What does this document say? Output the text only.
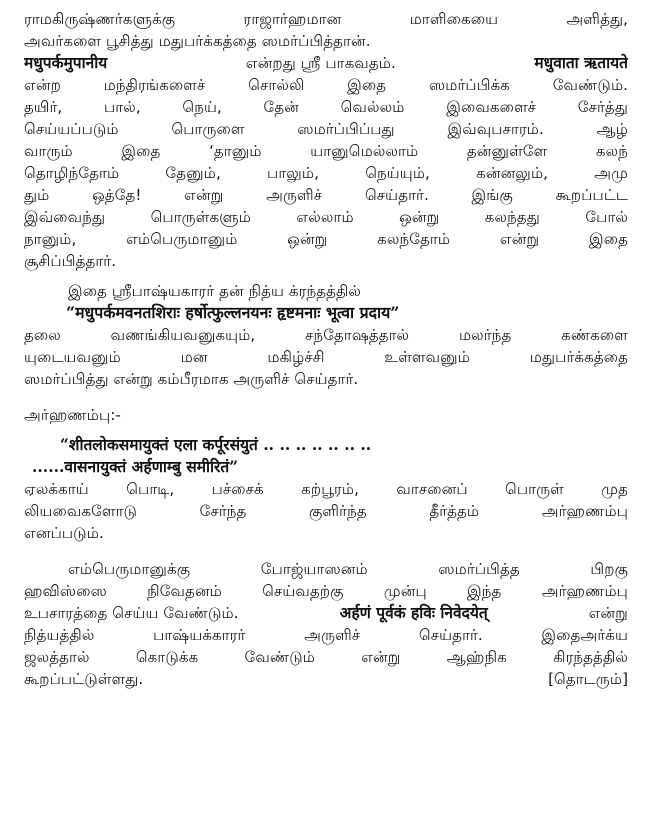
ராமகிருஷ்ணர்களுக்கு ராஜார்ஹமான மாளிகையை அளித்து,
அவர்களை பூசித்து மதுபர்க்கத்தை ஸமர்ப்பித்தான்.
मधुपर्कमुपानीय	என்றது ஸ்ரீ பாகவதம்.	मधुवाता ऋतायते
என்ற மந்திரங்களைச் சொல்லி இதை ஸமர்ப்பிக்க வேண்டும்.
தயிர், பால், நெய், தேன் வெல்லம் இவைகளைச் சேர்த்து
செய்யப்படும் பொருளை ஸமர்ப்பிப்பது இவ்வுபசாரம். ஆழ்
வாரும் இதை ‘தானும் யானுமெல்லாம் தன்னுள்ளே கலந்
தொழிந்தோம் தேனும், பாலும், நெய்யும், கன்னலும், அமு
தும் ஒத்தே! என்று அருளிச் செய்தார். இங்கு கூறப்பட்ட
இவ்வைந்து பொருள்களும் எல்லாம் ஒன்று கலந்தது போல்
நானும், எம்பெருமானும் ஒன்று கலந்தோம் என்று இதை
சூசிப்பித்தார்.
இதை ஸ்ரீபாஷ்யகாரர் தன் நித்ய க்ரந்தத்தில்
“मधुपर्कमवनतशिराः हर्षोत्फुल्लनयनः हृष्टमनाः भूत्वा प्रदाय”
தலை வணங்கியவனுகயும், சந்தோஷத்தால் மலர்ந்த கண்களை
யுடையவனும் மன மகிழ்ச்சி உள்ளவனும் மதுபர்க்கத்தை
ஸமர்ப்பித்து என்று கம்பீரமாக அருளிச் செய்தார்.
அர்ஹணம்பு:-
“शीतलोकसमायुक्तं एला कर्पूरसंयुतं .. .. .. .. .. .. ..
......वासनायुक्तं अर्हणाम्बु समीरितं”
ஏலக்காய் பொடி, பச்சைக் கற்பூரம், வாசனைப் பொருள் முத
லியவைகளோடு சேர்ந்த குளிர்ந்த தீர்த்தம் அர்ஹணம்பு
எனப்படும்.
எம்பெருமானுக்கு போஜ்யாஸனம் ஸமர்ப்பித்த பிறகு
ஹவிஸ்ஸை நிவேதனம் செய்வதற்கு முன்பு இந்த அர்ஹணம்பு
உபசாரத்தை செய்ய வேண்டும்.	अर्हणं पूर्वकं हविः निवेदयेत्	என்று
நித்யத்தில் பாஷ்யக்காரர் அருளிச் செய்தார். இதைஅர்க்ய
ஜலத்தால் கொடுக்க வேண்டும் என்று ஆஹ்நிக கிரந்தத்தில்
கூறப்பட்டுள்ளது.	[தொடரும்]
